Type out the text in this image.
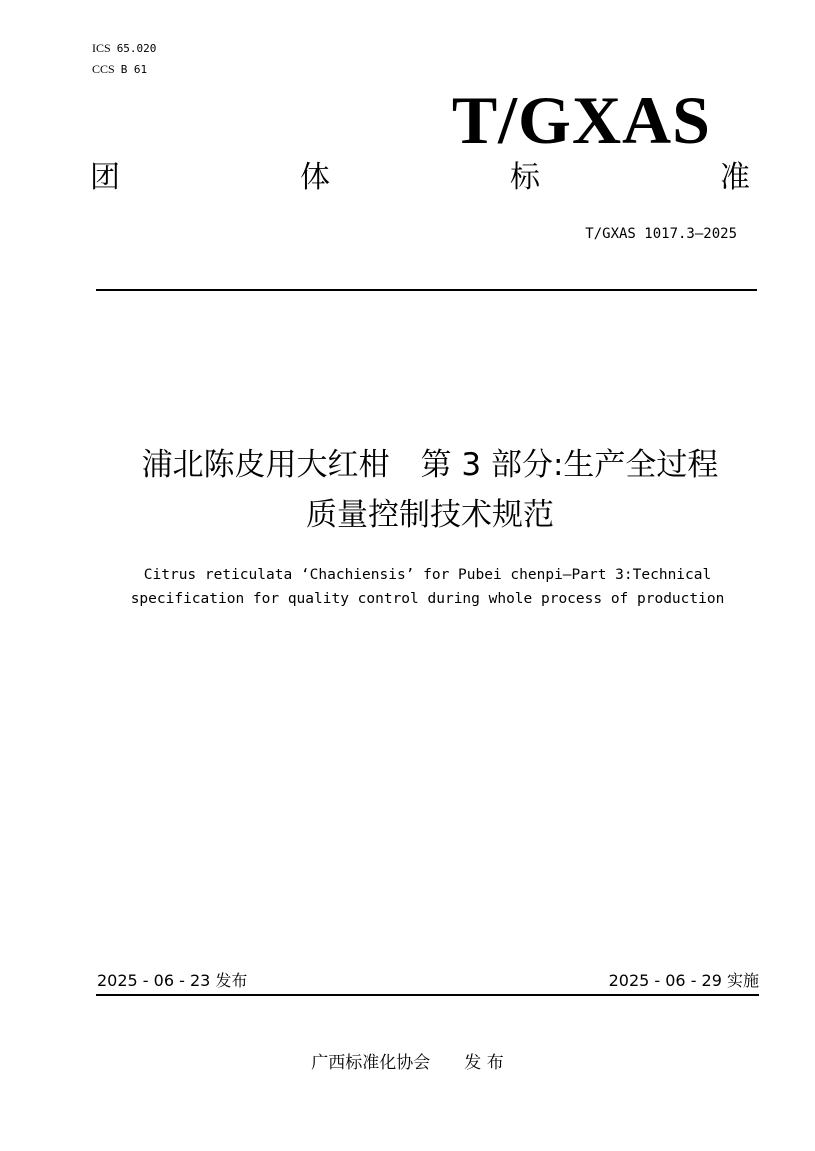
ICS 65.020
CCS B 61
T/GXAS
团	体	标	准
T/GXAS 1017.3—2025
浦北陈皮用大红柑　第 3 部分:生产全过程
质量控制技术规范
Citrus reticulata ‘Chachiensis’ for Pubei chenpi—Part 3:Technical
specification for quality control during whole process of production
2025 - 06 - 23 发布	2025 - 06 - 29 实施
广西标准化协会 发 布
